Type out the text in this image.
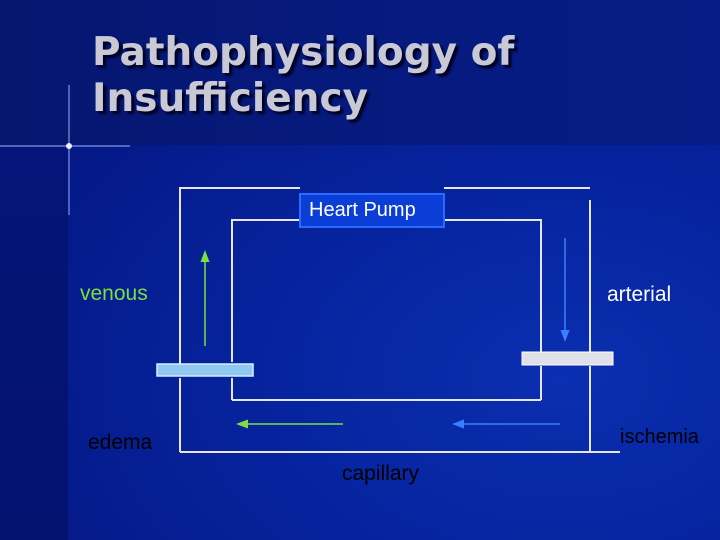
Pathophysiology of
Insufficiency
Heart Pump
venous	arterial
edema	ischemia
capillary
